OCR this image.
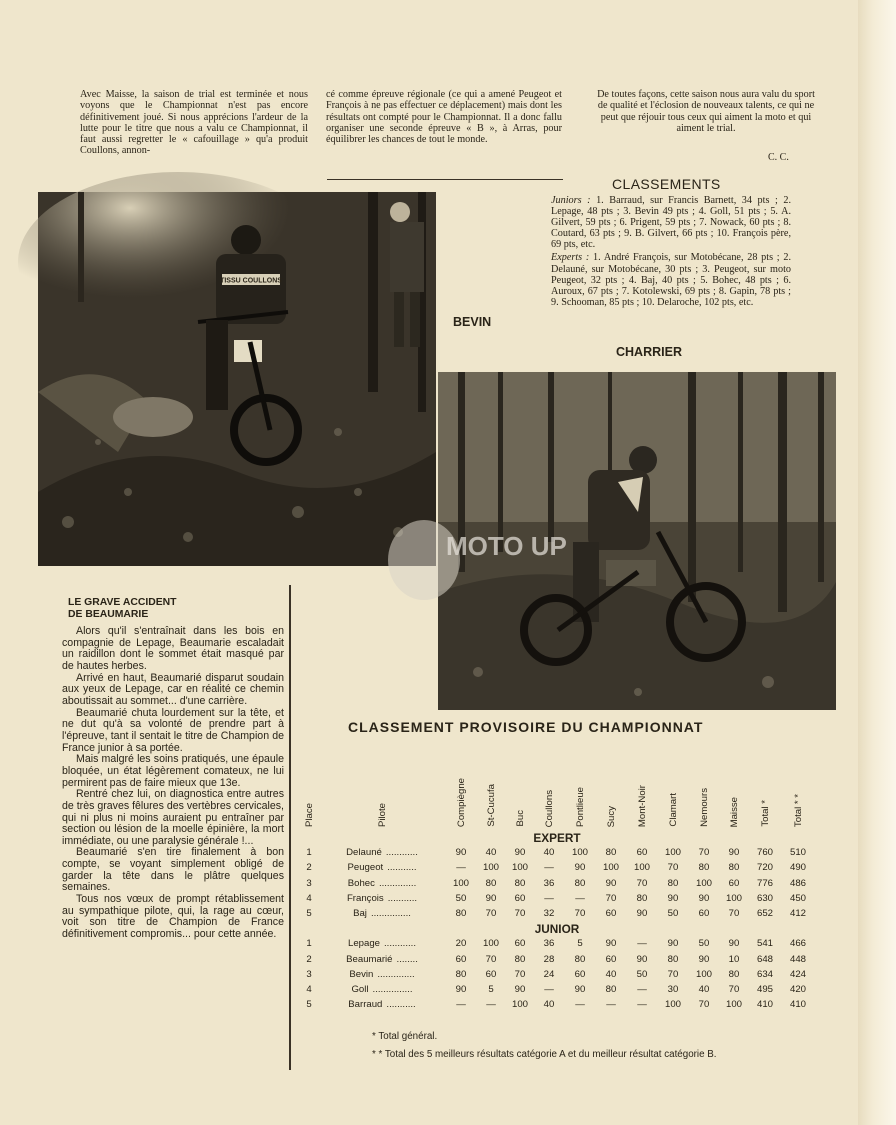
Avec Maisse, la saison de trial est terminée et nous voyons que le Championnat n'est pas encore définitivement joué. Si nous apprécions l'ardeur de la lutte pour le titre que nous a valu ce Championnat, il faut aussi regretter le « cafouillage » qu'a produit Coullons, annon-
cé comme épreuve régionale (ce qui a amené Peugeot et François à ne pas effectuer ce déplacement) mais dont les résultats ont compté pour le Championnat. Il a donc fallu organiser une seconde épreuve « B », à Arras, pour équilibrer les chances de tout le monde.
De toutes façons, cette saison nous aura valu du sport de qualité et l'éclosion de nouveaux talents, ce qui ne peut que réjouir tous ceux qui aiment la moto et qui aiment le trial.
C. C.
TISSU COULLONS
BEVIN
CLASSEMENTS

Juniors : 1. Barraud, sur Francis Barnett, 34 pts ; 2. Lepage, 48 pts ; 3. Bevin 49 pts ; 4. Goll, 51 pts ; 5. A. Gilvert, 59 pts ; 6. Prigent, 59 pts ; 7. Nowack, 60 pts ; 8. Coutard, 63 pts ; 9. B. Gilvert, 66 pts ; 10. François père, 69 pts, etc.

Experts : 1. André François, sur Motobécane, 28 pts ; 2. Delauné, sur Motobécane, 30 pts ; 3. Peugeot, sur moto Peugeot, 32 pts ; 4. Baj, 40 pts ; 5. Bohec, 48 pts ; 6. Auroux, 67 pts ; 7. Kotolewski, 69 pts ; 8. Gapin, 78 pts ; 9. Schooman, 85 pts ; 10. Delaroche, 102 pts, etc.

CHARRIER
MOTO UP
LE GRAVE ACCIDENT
DE BEAUMARIE

Alors qu'il s'entraînait dans les bois en compagnie de Lepage, Beaumarie escaladait un raidillon dont le sommet était masqué par de hautes herbes.

Arrivé en haut, Beaumarié disparut soudain aux yeux de Lepage, car en réalité ce chemin aboutissait au sommet... d'une carrière.

Beaumarié chuta lourdement sur la tête, et ne dut qu'à sa volonté de prendre part à l'épreuve, tant il sentait le titre de Champion de France junior à sa portée.

Mais malgré les soins pratiqués, une épaule bloquée, un état légèrement comateux, ne lui permirent pas de faire mieux que 13e.

Rentré chez lui, on diagnostica entre autres de très graves fêlures des vertèbres cervicales, qui ni plus ni moins auraient pu entraîner par section ou lésion de la moelle épinière, la mort immédiate, ou une paralysie générale !...

Beaumarié s'en tire finalement à bon compte, se voyant simplement obligé de garder la tête dans le plâtre quelques semaines.

Tous nos vœux de prompt rétablissement au sympathique pilote, qui, la rage au cœur, voit son titre de Champion de France définitivement compromis... pour cette année.

CLASSEMENT PROVISOIRE DU CHAMPIONNAT
Place	Pilote	Compiègne	St-Cucufa	Buc	Coullons	Pontlieue	Sucy	Mont-Noir	Clamart	Nemours	Maisse	Total *	Total * *
EXPERT													
1	Delauné ............	90	40	90	40	100	80	60	100	70	90	760	510
2	Peugeot ...........	—	100	100	—	90	100	100	70	80	80	720	490
3	Bohec ..............	100	80	80	36	80	90	70	80	100	60	776	486
4	François ...........	50	90	60	—	—	70	80	90	90	100	630	450
5	Baj ...............	80	70	70	32	70	60	90	50	60	70	652	412
JUNIOR													
1	Lepage ............	20	100	60	36	5	90	—	90	50	90	541	466
2	Beaumarié ........	60	70	80	28	80	60	90	80	90	10	648	448
3	Bevin ..............	80	60	70	24	60	40	50	70	100	80	634	424
4	Goll ...............	90	5	90	—	90	80	—	30	40	70	495	420
5	Barraud ...........	—	—	100	40	—	—	—	100	70	100	410	410
* Total général.
* * Total des 5 meilleurs résultats catégorie A et du meilleur résultat catégorie B.
